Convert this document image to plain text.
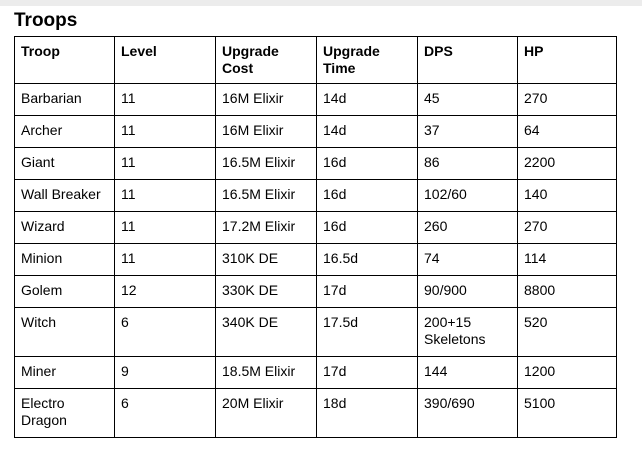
Troops
Troop	Level	Upgrade Cost	Upgrade Time	DPS	HP
Barbarian	11	16M Elixir	14d	45	270
Archer	11	16M Elixir	14d	37	64
Giant	11	16.5M Elixir	16d	86	2200
Wall Breaker	11	16.5M Elixir	16d	102/60	140
Wizard	11	17.2M Elixir	16d	260	270
Minion	11	310K DE	16.5d	74	114
Golem	12	330K DE	17d	90/900	8800
Witch	6	340K DE	17.5d	200+15 Skeletons	520
Miner	9	18.5M Elixir	17d	144	1200
Electro Dragon	6	20M Elixir	18d	390/690	5100
